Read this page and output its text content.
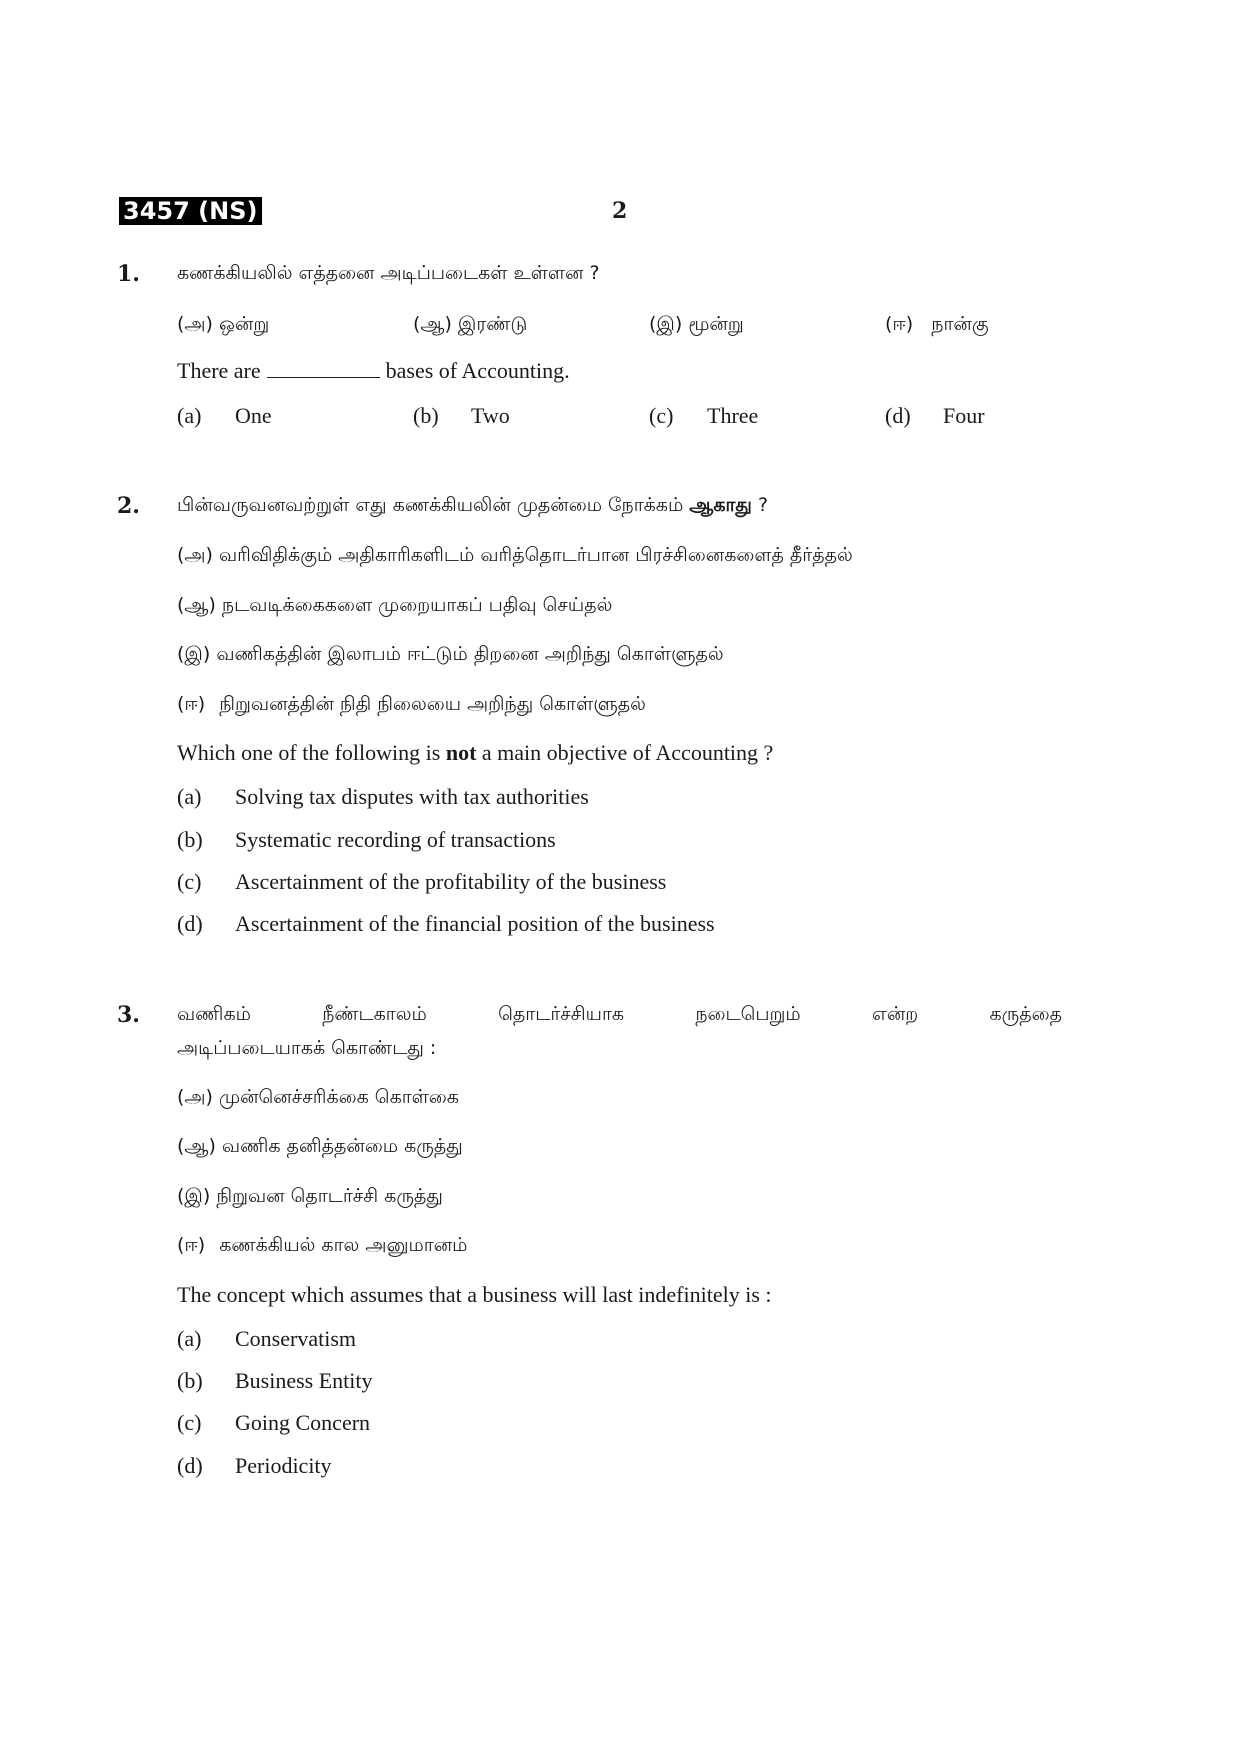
3457 (NS)	2
1. கணக்கியலில் எத்தனை அடிப்படைகள் உள்ளன ?
(அ) ஒன்று	(ஆ) இரண்டு	(இ) மூன்று	(ஈ) நான்கு
There are	bases of Accounting.
(a) One	(b) Two	(c) Three	(d) Four
2. பின்வருவனவற்றுள் எது கணக்கியலின் முதன்மை நோக்கம் ஆகாது ?
(அ) வரிவிதிக்கும் அதிகாரிகளிடம் வரித்தொடர்பான பிரச்சினைகளைத் தீர்த்தல்
(ஆ) நடவடிக்கைகளை முறையாகப் பதிவு செய்தல்
(இ) வணிகத்தின் இலாபம் ஈட்டும் திறனை அறிந்து கொள்ளுதல்
(ஈ) நிறுவனத்தின் நிதி நிலையை அறிந்து கொள்ளுதல்
Which one of the following is not a main objective of Accounting ?
(a) Solving tax disputes with tax authorities
(b) Systematic recording of transactions
(c) Ascertainment of the profitability of the business
(d) Ascertainment of the financial position of the business
3. வணிகம்	நீண்டகாலம்	தொடர்ச்சியாக	நடைபெறும்	என்ற	கருத்தை
அடிப்படையாகக் கொண்டது :
(அ) முன்னெச்சரிக்கை கொள்கை
(ஆ) வணிக தனித்தன்மை கருத்து
(இ) நிறுவன தொடர்ச்சி கருத்து
(ஈ) கணக்கியல் கால அனுமானம்
The concept which assumes that a business will last indefinitely is :
(a) Conservatism
(b) Business Entity
(c) Going Concern
(d) Periodicity
